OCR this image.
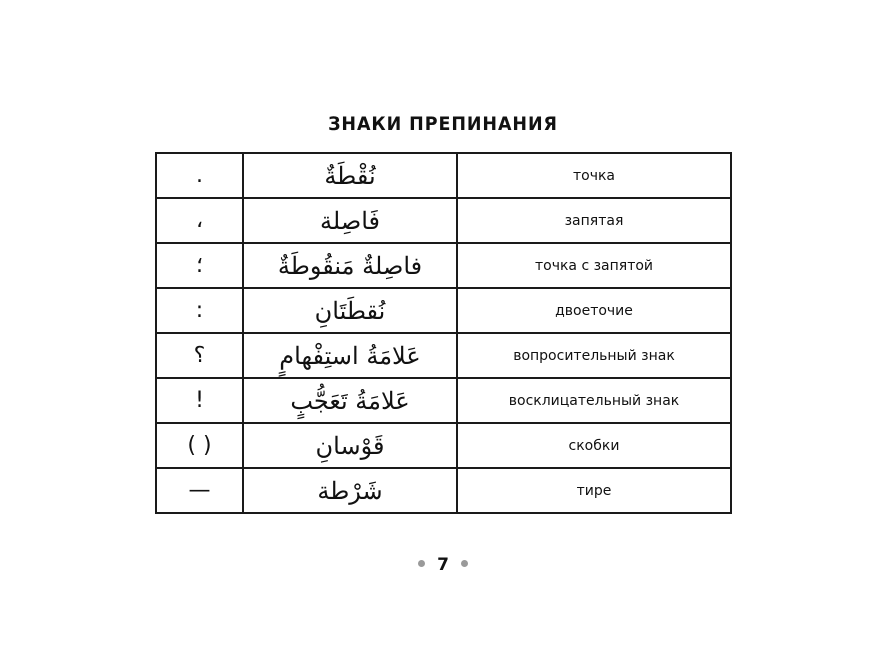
ЗНАКИ ПРЕПИНАНИЯ
.	نُقْطَةٌ	точка
،	فَاصِلة	запятая
؛	فاصِلةٌ مَنقُوطَةٌ	точка с запятой
:	نُقطَتَانِ	двоеточие
؟	عَلامَةُ استِفْهامٍ	вопросительный знак
!	عَلامَةُ تَعَجُّبٍ	восклицательный знак
( )	قَوْسانِ	скобки
—	شَرْطة	тире
7
